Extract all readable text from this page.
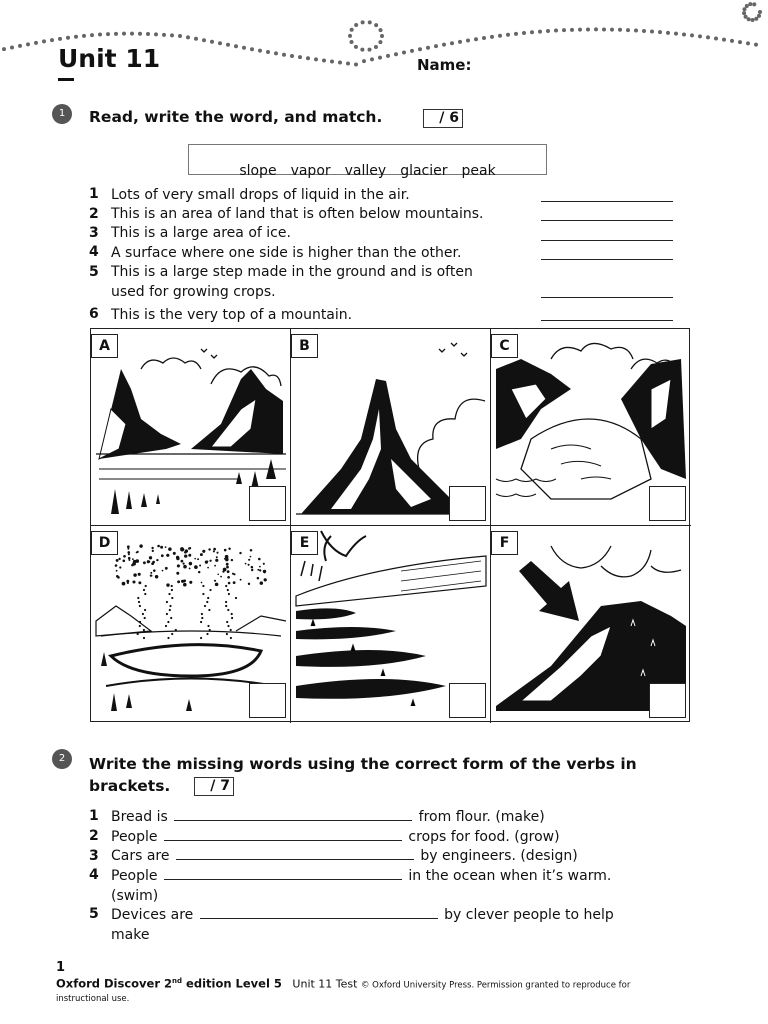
Unit 11	Name:
1	Read, write the word, and match.	/ 6
slope vapor valley glacier peak
1 Lots of very small drops of liquid in the air.
2 This is an area of land that is often below mountains.
3 This is a large area of ice.
4 A surface where one side is higher than the other.
5 This is a large step made in the ground and is often
used for growing crops.
6 This is the very top of a mountain.
A	B	C
D	E	F
2	Write the missing words using the correct form of the verbs in
brackets.	/ 7
1 Bread is	from flour. (make)
2 People	crops for food. (grow)
3 Cars are	by engineers. (design)
4 People	in the ocean when it’s warm.
(swim)
5 Devices are	by clever people to help
make
1
Oxford Discover 2nd edition Level 5 Unit 11 Test © Oxford University Press. Permission granted to reproduce for
instructional use.
